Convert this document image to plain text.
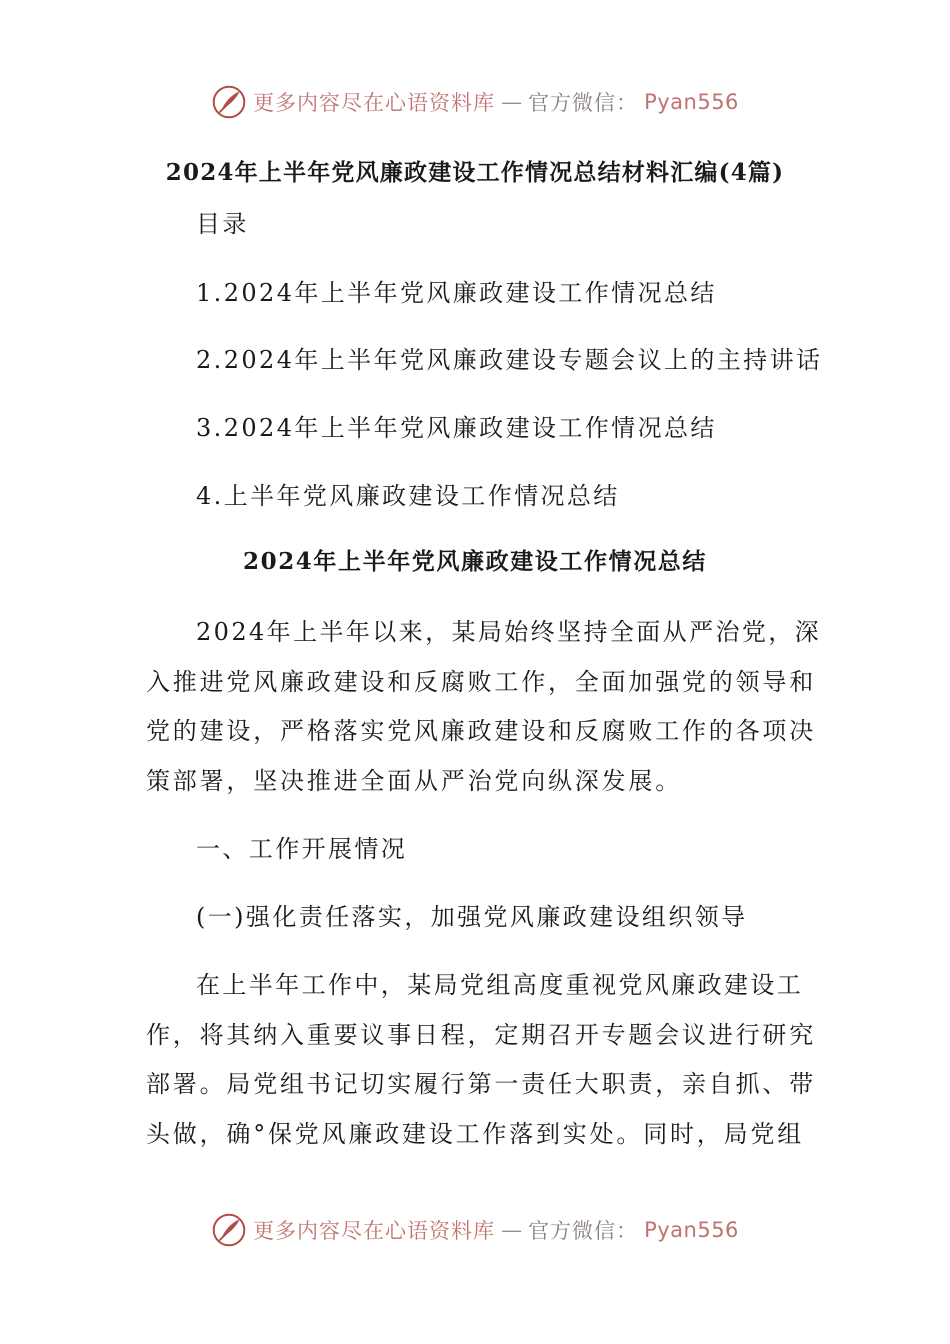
更多内容尽在心语资料库 — 官方微信： Pyan556
2024年上半年党风廉政建设工作情况总结材料汇编(4篇)
目录
1.2024年上半年党风廉政建设工作情况总结
2.2024年上半年党风廉政建设专题会议上的主持讲话
3.2024年上半年党风廉政建设工作情况总结
4.上半年党风廉政建设工作情况总结
2024年上半年党风廉政建设工作情况总结
2024年上半年以来，某局始终坚持全面从严治党，深
入推进党风廉政建设和反腐败工作，全面加强党的领导和
党的建设，严格落实党风廉政建设和反腐败工作的各项决
策部署，坚决推进全面从严治党向纵深发展。
一、工作开展情况
(一)强化责任落实，加强党风廉政建设组织领导
在上半年工作中，某局党组高度重视党风廉政建设工
作，将其纳入重要议事日程，定期召开专题会议进行研究
部署。局党组书记切实履行第一责任大职责，亲自抓、带
头做，确°保党风廉政建设工作落到实处。同时，局党组
更多内容尽在心语资料库 — 官方微信： Pyan556
